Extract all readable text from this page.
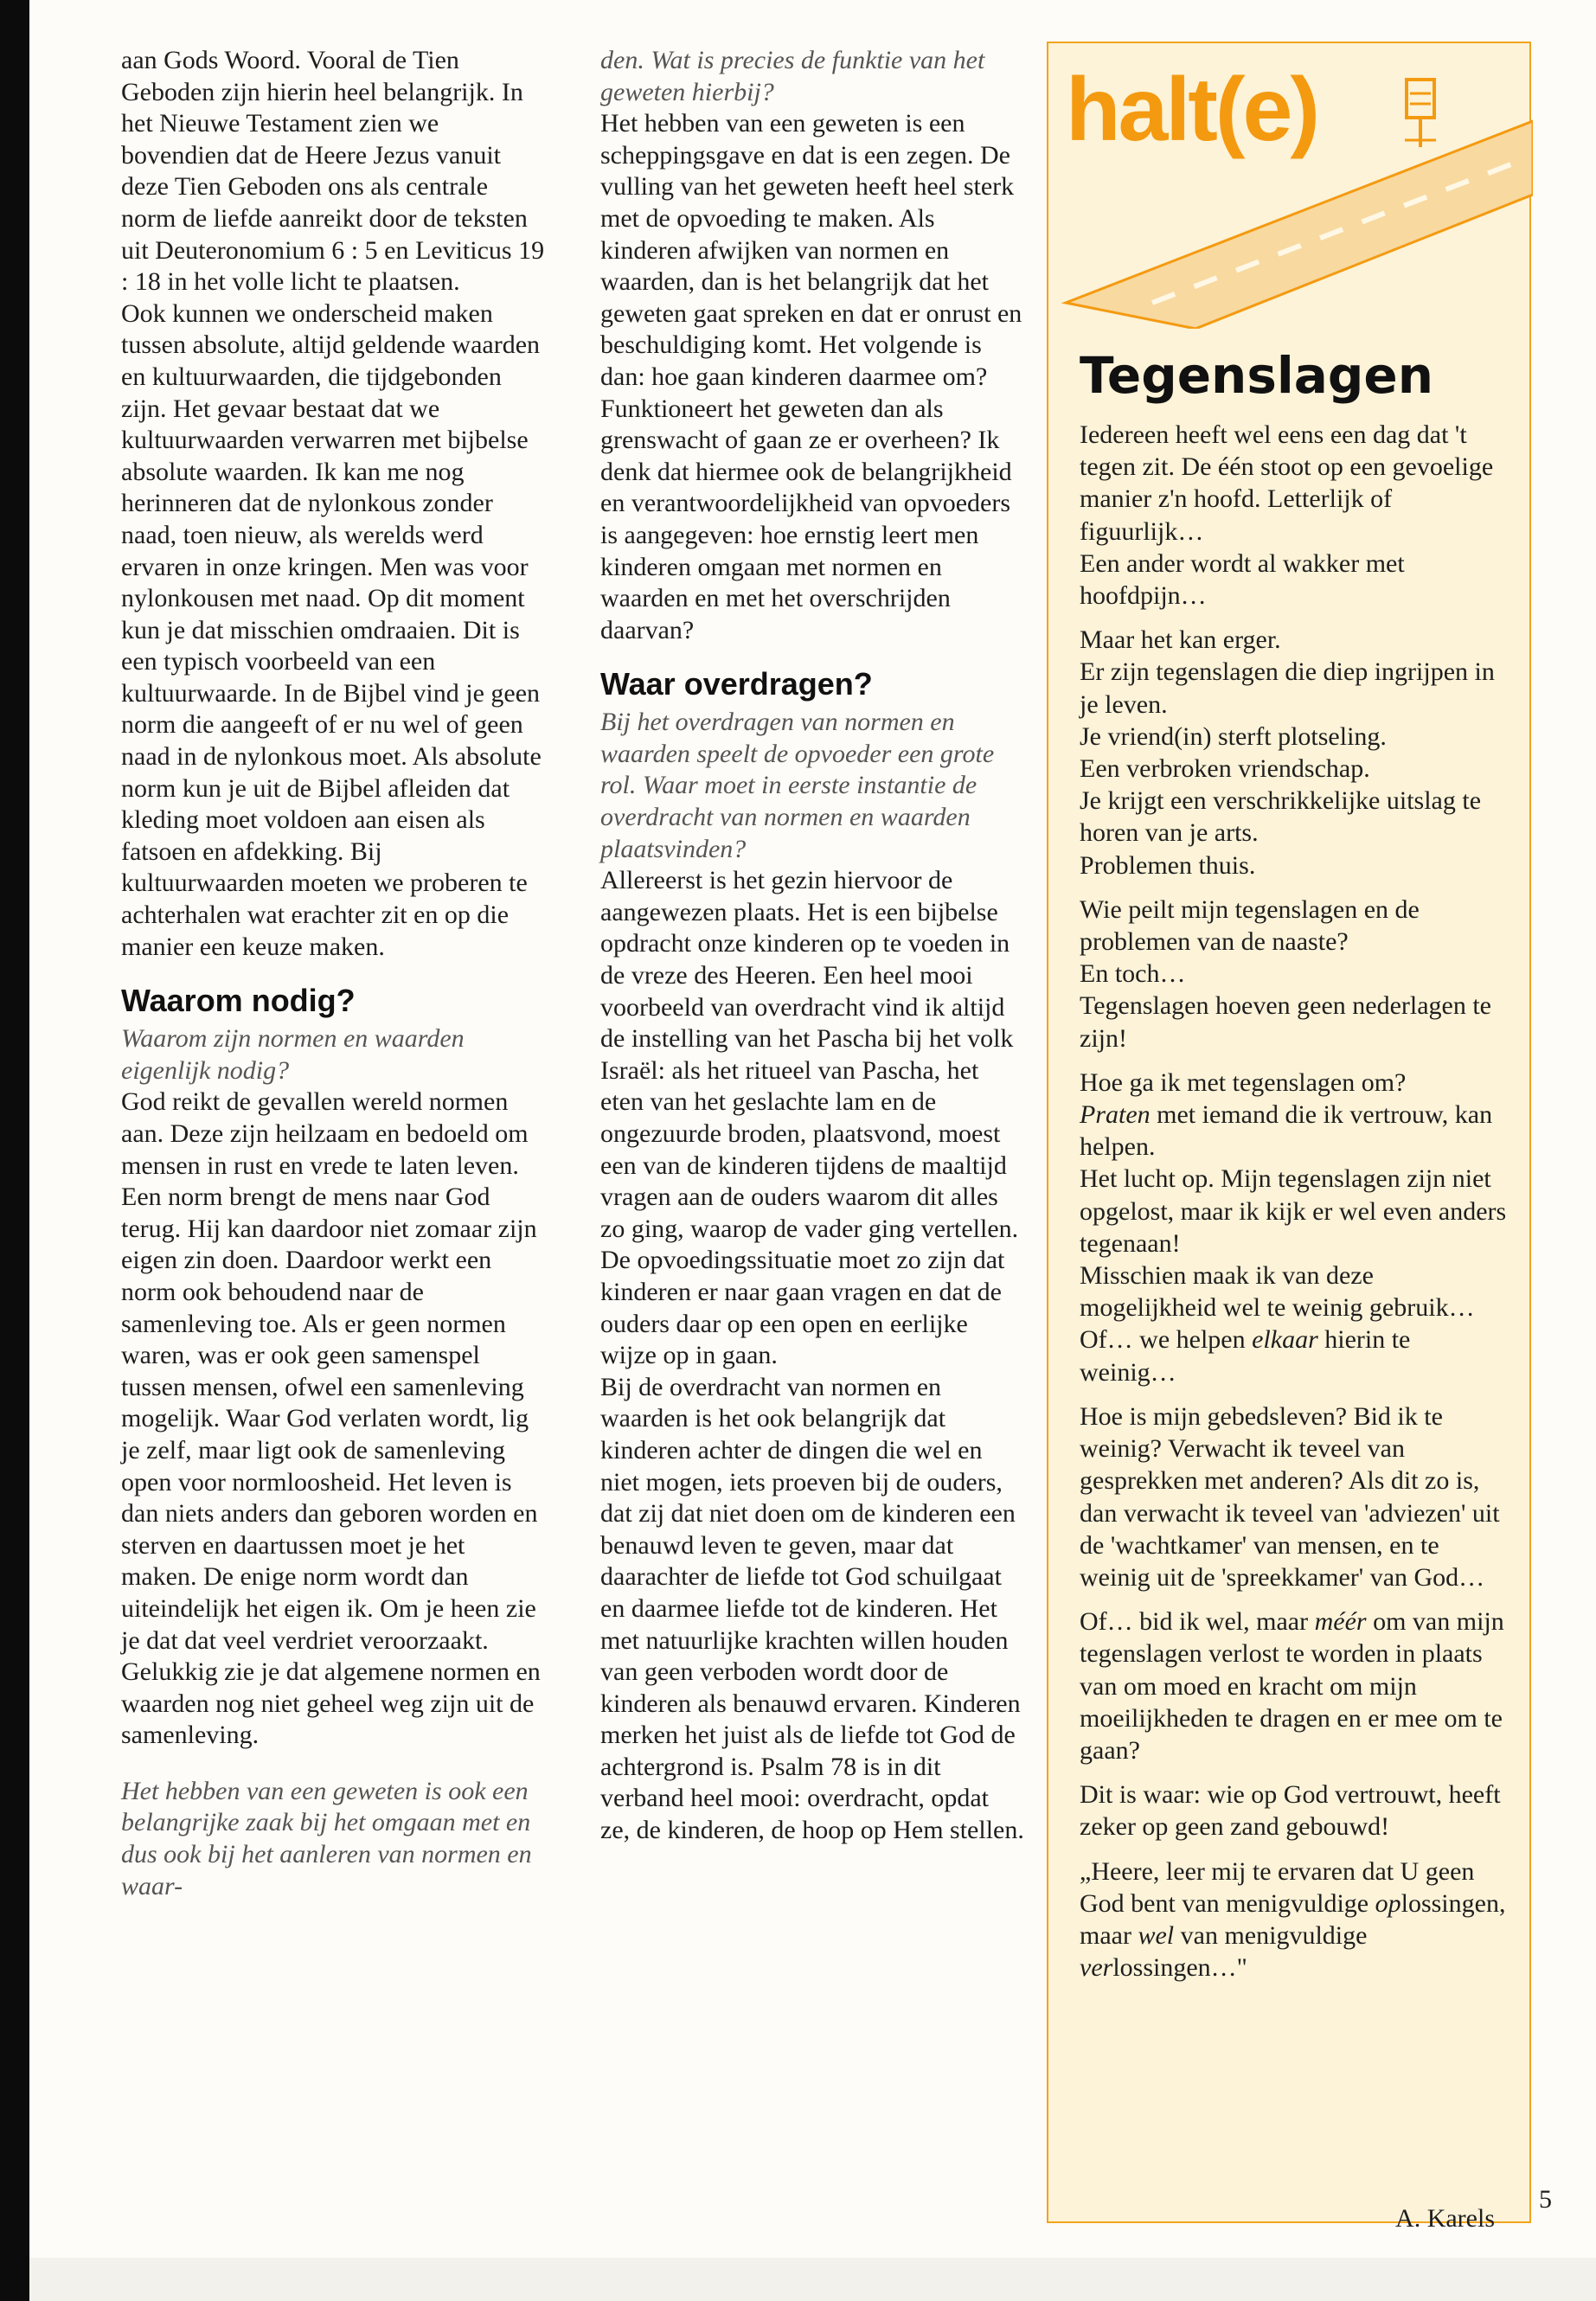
aan Gods Woord. Vooral de Tien Geboden zijn hierin heel belangrijk. In het Nieuwe Testament zien we bovendien dat de Heere Jezus vanuit deze Tien Geboden ons als centrale norm de liefde aanreikt door de teksten uit Deuteronomium 6 : 5 en Leviticus 19 : 18 in het volle licht te plaatsen.

Ook kunnen we onderscheid maken tussen absolute, altijd geldende waarden en kultuurwaarden, die tijdgebonden zijn. Het gevaar bestaat dat we kultuurwaarden verwarren met bijbelse absolute waarden. Ik kan me nog herinneren dat de nylonkous zonder naad, toen nieuw, als werelds werd ervaren in onze kringen. Men was voor nylonkousen met naad. Op dit moment kun je dat misschien omdraaien. Dit is een typisch voorbeeld van een kultuurwaarde. In de Bijbel vind je geen norm die aangeeft of er nu wel of geen naad in de nylonkous moet. Als absolute norm kun je uit de Bijbel afleiden dat kleding moet voldoen aan eisen als fatsoen en afdekking. Bij kultuurwaarden moeten we proberen te achterhalen wat erachter zit en op die manier een keuze maken.

Waarom nodig?

Waarom zijn normen en waarden eigenlijk nodig?

God reikt de gevallen wereld normen aan. Deze zijn heilzaam en bedoeld om mensen in rust en vrede te laten leven. Een norm brengt de mens naar God terug. Hij kan daardoor niet zomaar zijn eigen zin doen. Daardoor werkt een norm ook behoudend naar de samenleving toe. Als er geen normen waren, was er ook geen samenspel tussen mensen, ofwel een samenleving mogelijk. Waar God verlaten wordt, lig je zelf, maar ligt ook de samenleving open voor normloosheid. Het leven is dan niets anders dan geboren worden en sterven en daartussen moet je het maken. De enige norm wordt dan uiteindelijk het eigen ik. Om je heen zie je dat dat veel verdriet veroorzaakt. Gelukkig zie je dat algemene normen en waarden nog niet geheel weg zijn uit de samenleving.

Het hebben van een geweten is ook een belangrijke zaak bij het omgaan met en dus ook bij het aanleren van normen en waar-

den. Wat is precies de funktie van het geweten hierbij?

Het hebben van een geweten is een scheppingsgave en dat is een zegen. De vulling van het geweten heeft heel sterk met de opvoeding te maken. Als kinderen afwijken van normen en waarden, dan is het belangrijk dat het geweten gaat spreken en dat er onrust en beschuldiging komt. Het volgende is dan: hoe gaan kinderen daarmee om? Funktioneert het geweten dan als grenswacht of gaan ze er overheen? Ik denk dat hiermee ook de belangrijkheid en verantwoordelijkheid van opvoeders is aangegeven: hoe ernstig leert men kinderen omgaan met normen en waarden en met het overschrijden daarvan?

Waar overdragen?

Bij het overdragen van normen en waarden speelt de opvoeder een grote rol. Waar moet in eerste instantie de overdracht van normen en waarden plaatsvinden?

Allereerst is het gezin hiervoor de aangewezen plaats. Het is een bijbelse opdracht onze kinderen op te voeden in de vreze des Heeren. Een heel mooi voorbeeld van overdracht vind ik altijd de instelling van het Pascha bij het volk Israël: als het ritueel van Pascha, het eten van het geslachte lam en de ongezuurde broden, plaatsvond, moest een van de kinderen tijdens de maaltijd vragen aan de ouders waarom dit alles zo ging, waarop de vader ging vertellen. De opvoedingssituatie moet zo zijn dat kinderen er naar gaan vragen en dat de ouders daar op een open en eerlijke wijze op in gaan.

Bij de overdracht van normen en waarden is het ook belangrijk dat kinderen achter de dingen die wel en niet mogen, iets proeven bij de ouders, dat zij dat niet doen om de kinderen een benauwd leven te geven, maar dat daarachter de liefde tot God schuilgaat en daarmee liefde tot de kinderen. Het met natuurlijke krachten willen houden van geen verboden wordt door de kinderen als benauwd ervaren. Kinderen merken het juist als de liefde tot God de achtergrond is. Psalm 78 is in dit verband heel mooi: overdracht, opdat ze, de kinderen, de hoop op Hem stellen.

halt(e)
Tegenslagen

Iedereen heeft wel eens een dag dat 't tegen zit. De één stoot op een gevoelige manier z'n hoofd. Letterlijk of figuurlijk…

Een ander wordt al wakker met hoofdpijn…

Maar het kan erger.

Er zijn tegenslagen die diep ingrijpen in je leven.

Je vriend(in) sterft plotseling.

Een verbroken vriendschap.

Je krijgt een verschrikkelijke uitslag te horen van je arts.

Problemen thuis.

Wie peilt mijn tegenslagen en de problemen van de naaste?

En toch…

Tegenslagen hoeven geen nederlagen te zijn!

Hoe ga ik met tegenslagen om?

Praten met iemand die ik vertrouw, kan helpen.

Het lucht op. Mijn tegenslagen zijn niet opgelost, maar ik kijk er wel even anders tegenaan!

Misschien maak ik van deze mogelijkheid wel te weinig gebruik…

Of… we helpen elkaar hierin te weinig…

Hoe is mijn gebedsleven? Bid ik te weinig? Verwacht ik teveel van gesprekken met anderen? Als dit zo is, dan verwacht ik teveel van 'adviezen' uit de 'wachtkamer' van mensen, en te weinig uit de 'spreekkamer' van God…

Of… bid ik wel, maar méér om van mijn tegenslagen verlost te worden in plaats van om moed en kracht om mijn moeilijkheden te dragen en er mee om te gaan?

Dit is waar: wie op God vertrouwt, heeft zeker op geen zand gebouwd!

„Heere, leer mij te ervaren dat U geen God bent van menigvuldige oplossingen, maar wel van menigvuldige verlossingen…"

A. Karels
5
